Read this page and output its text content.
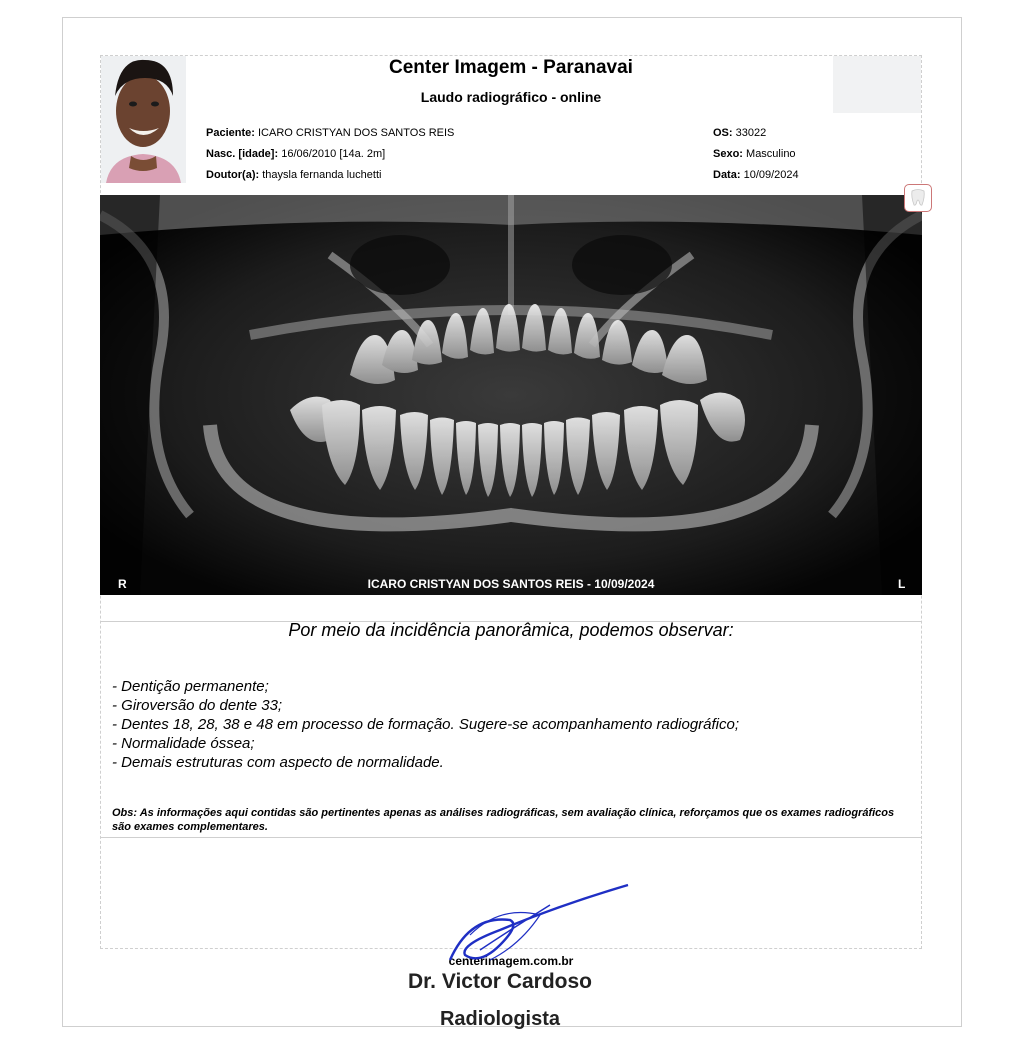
Center Imagem - Paranavai
Laudo radiográfico - online
Paciente: ICARO CRISTYAN DOS SANTOS REIS
Nasc. [idade]: 16/06/2010 [14a. 2m]
Doutor(a): thaysla fernanda luchetti
OS: 33022
Sexo: Masculino
Data: 10/09/2024
R	ICARO CRISTYAN DOS SANTOS REIS - 10/09/2024	L
Por meio da incidência panorâmica, podemos observar:
- Dentição permanente;
- Giroversão do dente 33;
- Dentes 18, 28, 38 e 48 em processo de formação. Sugere-se acompanhamento radiográfico;
- Normalidade óssea;
- Demais estruturas com aspecto de normalidade.
Obs: As informações aqui contidas são pertinentes apenas as análises radiográficas, sem avaliação clínica, reforçamos que os exames radiográficos são exames complementares.
centerimagem.com.br
Dr. Victor Cardoso
Radiologista
